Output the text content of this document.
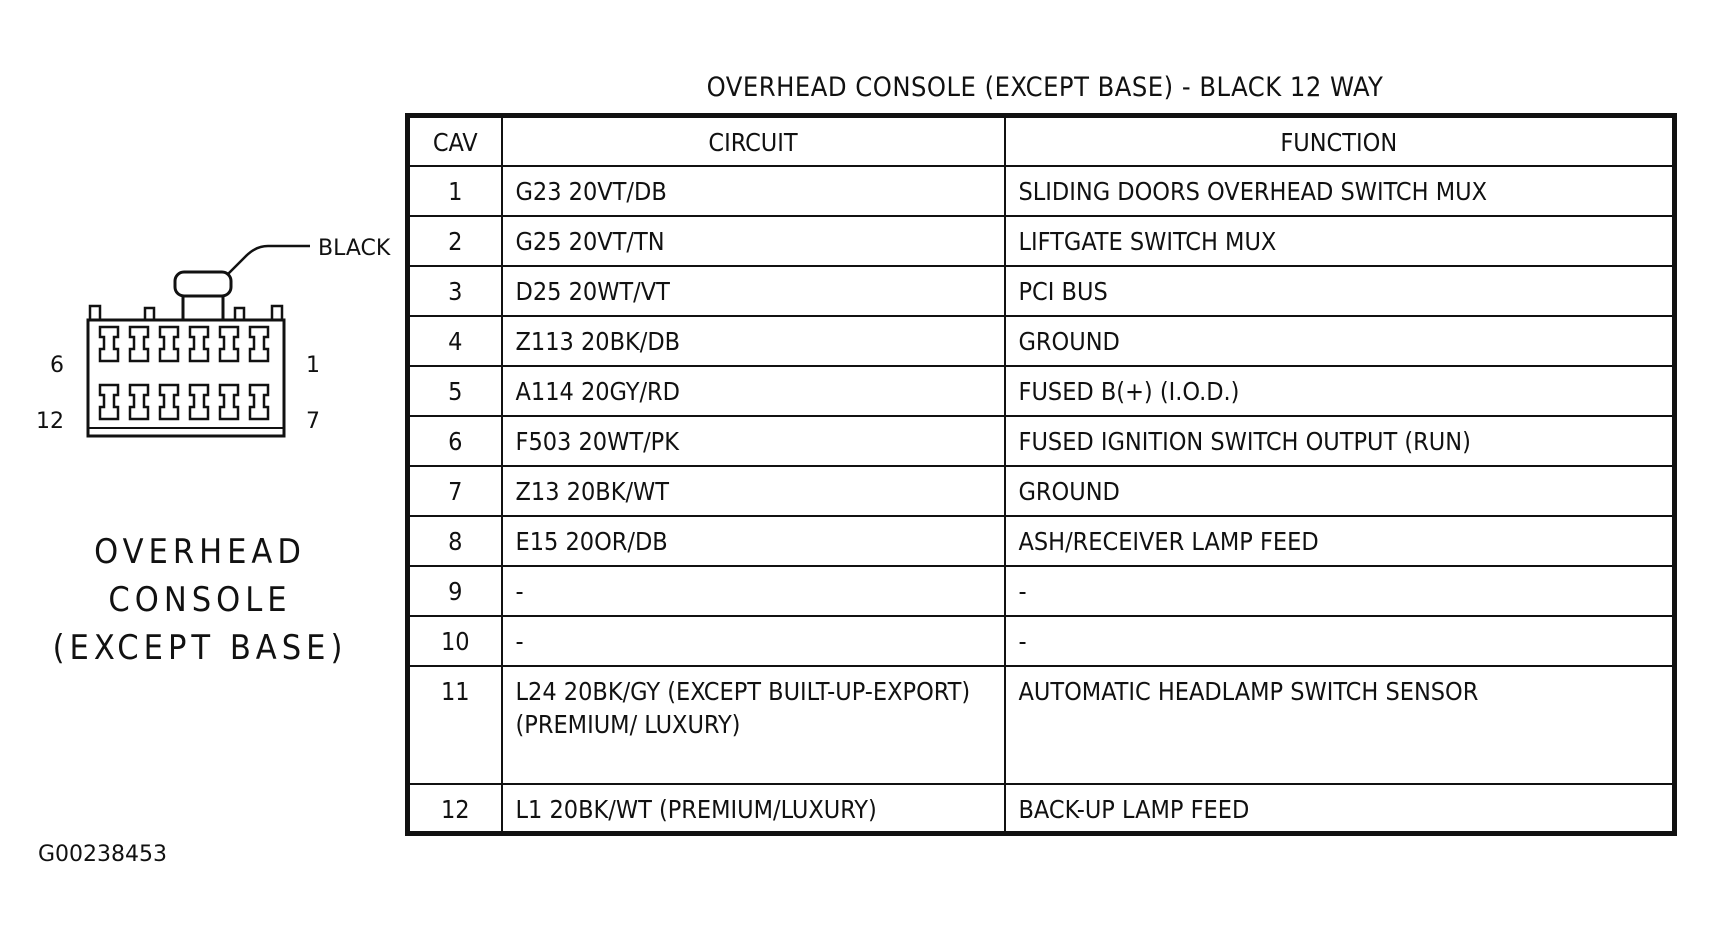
OVERHEAD CONSOLE (EXCEPT BASE) - BLACK 12 WAY
CAV	CIRCUIT	FUNCTION
1	G23 20VT/DB	SLIDING DOORS OVERHEAD SWITCH MUX
2	G25 20VT/TN	LIFTGATE SWITCH MUX
3	D25 20WT/VT	PCI BUS
4	Z113 20BK/DB	GROUND
5	A114 20GY/RD	FUSED B(+) (I.O.D.)
6	F503 20WT/PK	FUSED IGNITION SWITCH OUTPUT (RUN)
7	Z13 20BK/WT	GROUND
8	E15 20OR/DB	ASH/RECEIVER LAMP FEED
9	-	-
10	-	-
11	L24 20BK/GY (EXCEPT BUILT-UP-EXPORT) (PREMIUM/ LUXURY)	AUTOMATIC HEADLAMP SWITCH SENSOR
12	L1 20BK/WT (PREMIUM/LUXURY)	BACK-UP LAMP FEED
BLACK
6	1
12	7
OVERHEAD
CONSOLE
(EXCEPT BASE)
G00238453
